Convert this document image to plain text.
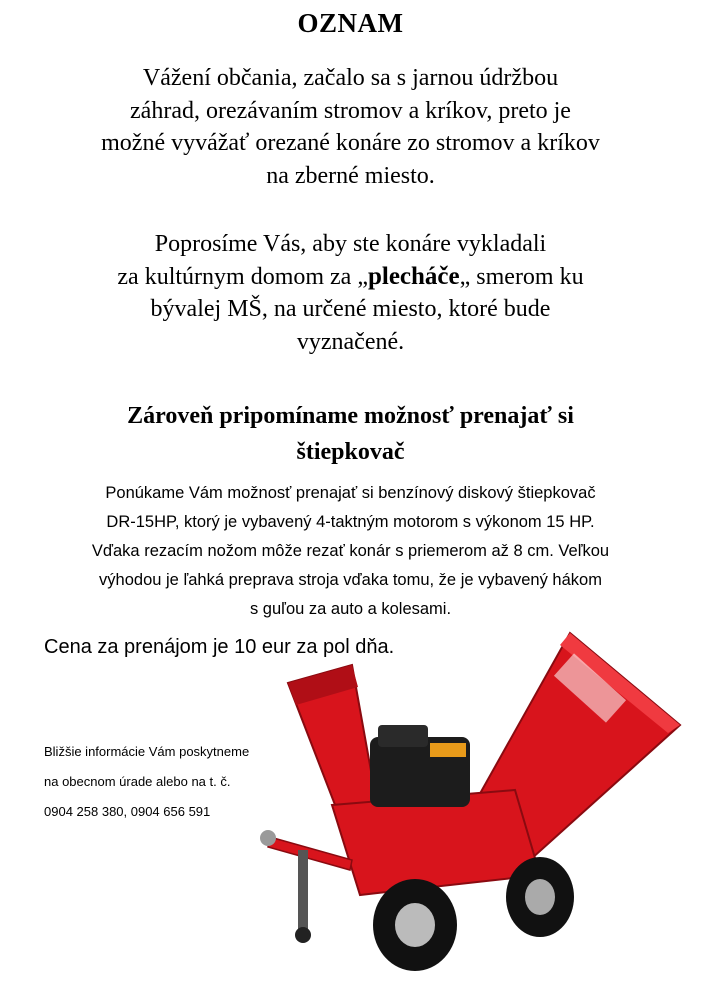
OZNAM
Vážení občania, začalo sa s jarnou údržbou
záhrad, orezávaním stromov a kríkov, preto je
možné vyvážať orezané konáre zo stromov a kríkov
na zberné miesto.
Poprosíme Vás, aby ste konáre vykladali
za kultúrnym domom za „plecháče„ smerom ku
bývalej MŠ, na určené miesto, ktoré bude
vyznačené.
Zároveň pripomíname možnosť prenajať si
štiepkovač
Ponúkame Vám možnosť prenajať si benzínový diskový štiepkovač
DR-15HP, ktorý je vybavený 4-taktným motorom s výkonom 15 HP.
Vďaka rezacím nožom môže rezať konár s priemerom až 8 cm. Veľkou
výhodou je ľahká preprava stroja vďaka tomu, že je vybavený hákom
s guľou za auto a kolesami.
Cena za prenájom je 10 eur za pol dňa.
Bližšie informácie Vám poskytneme
na obecnom úrade alebo na t. č.
0904 258 380, 0904 656 591
